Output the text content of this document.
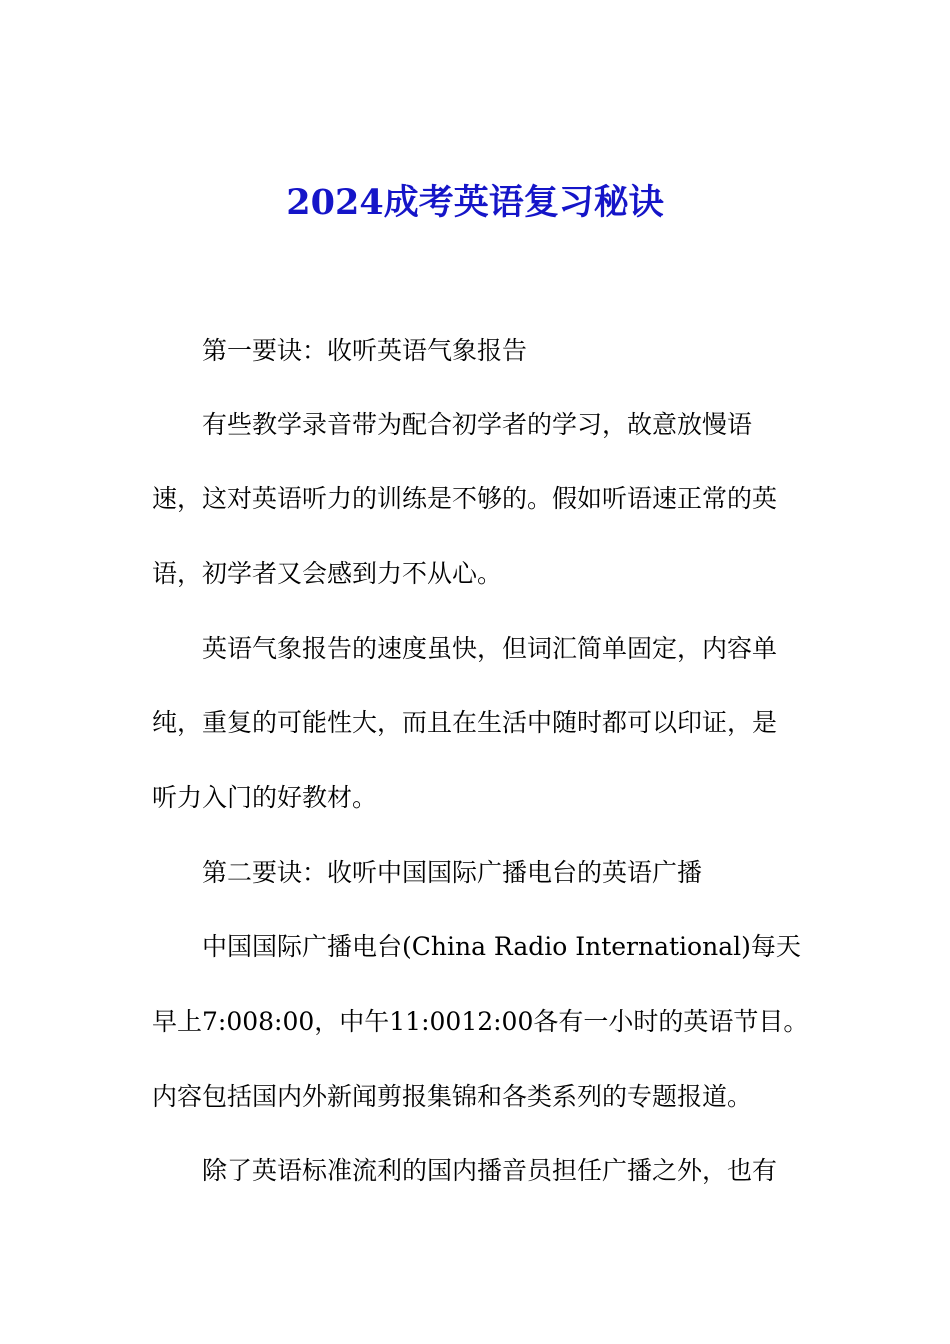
2024成考英语复习秘诀
第一要诀：收听英语气象报告
有些教学录音带为配合初学者的学习，故意放慢语
速，这对英语听力的训练是不够的。假如听语速正常的英
语，初学者又会感到力不从心。
英语气象报告的速度虽快，但词汇简单固定，内容单
纯，重复的可能性大，而且在生活中随时都可以印证，是
听力入门的好教材。
第二要诀：收听中国国际广播电台的英语广播
中国国际广播电台(China Radio International)每天
早上7:008:00，中午11:0012:00各有一小时的英语节目。
内容包括国内外新闻剪报集锦和各类系列的专题报道。
除了英语标准流利的国内播音员担任广播之外，也有
